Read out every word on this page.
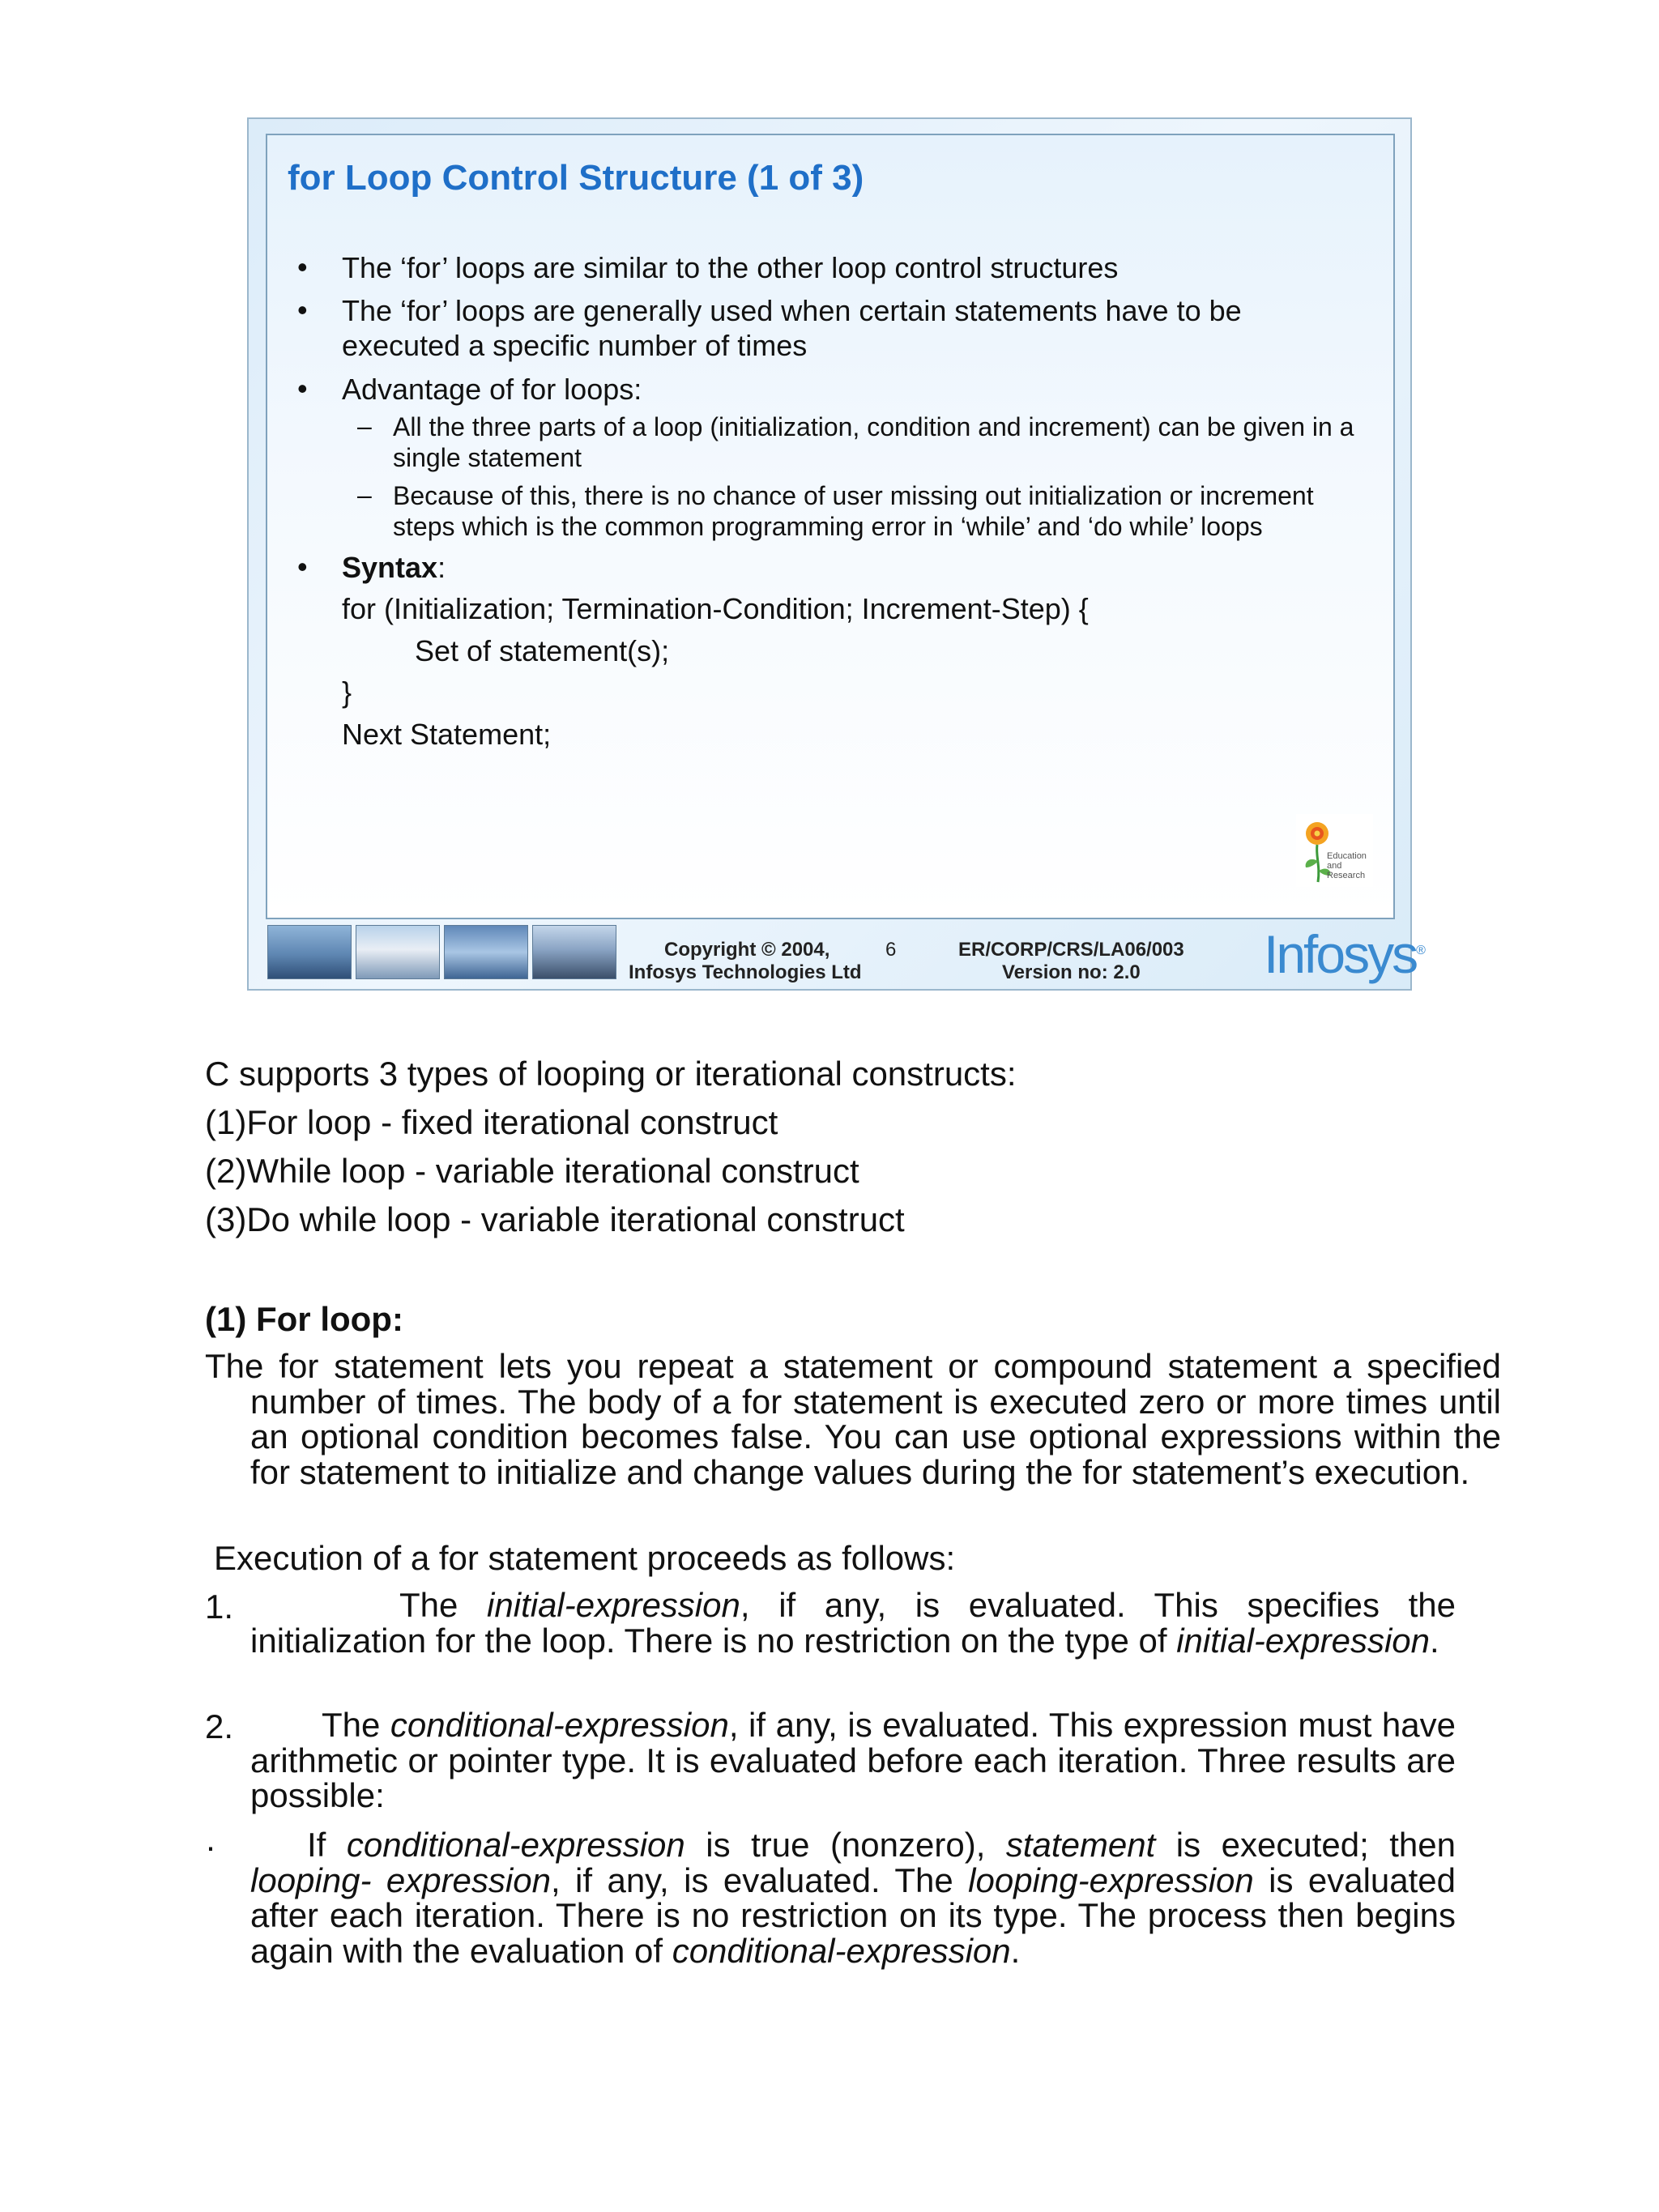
for Loop Control Structure (1 of 3)
• The ‘for’ loops are similar to the other loop control structures
• The ‘for’ loops are generally used when certain statements have to be
executed a specific number of times
• Advantage of for loops:
– All the three parts of a loop (initialization, condition and increment) can be given in a
single statement
– Because of this, there is no chance of user missing out initialization or increment
steps which is the common programming error in ‘while’ and ‘do while’ loops
• Syntax:
for (Initialization; Termination-Condition; Increment-Step) {
Set of statement(s);
}
Next Statement;
Education
and
Research
Copyright © 2004,
Infosys Technologies Ltd
6	ER/CORP/CRS/LA06/003
Version no: 2.0 Infosys®

C supports 3 types of looping or iterational constructs:

(1)For loop - fixed iterational construct

(2)While loop - variable iterational construct

(3)Do while loop - variable iterational construct

(1) For loop:

The for statement lets you repeat a statement or compound statement a specified number of times. The body of a for statement is executed zero or more times until an optional condition becomes false. You can use optional expressions within the for statement to initialize and change values during the for statement’s execution.

Execution of a for statement proceeds as follows:

1.	The initial-expression, if any, is evaluated. This specifies the initialization for the loop. There is no restriction on the type of initial-expression.

2.	The conditional-expression, if any, is evaluated. This expression must have arithmetic or pointer type. It is evaluated before each iteration. Three results are possible:

·	If conditional-expression is true (nonzero), statement is executed; then looping- expression, if any, is evaluated. The looping-expression is evaluated after each iteration. There is no restriction on its type. The process then begins again with the evaluation of conditional-expression.
